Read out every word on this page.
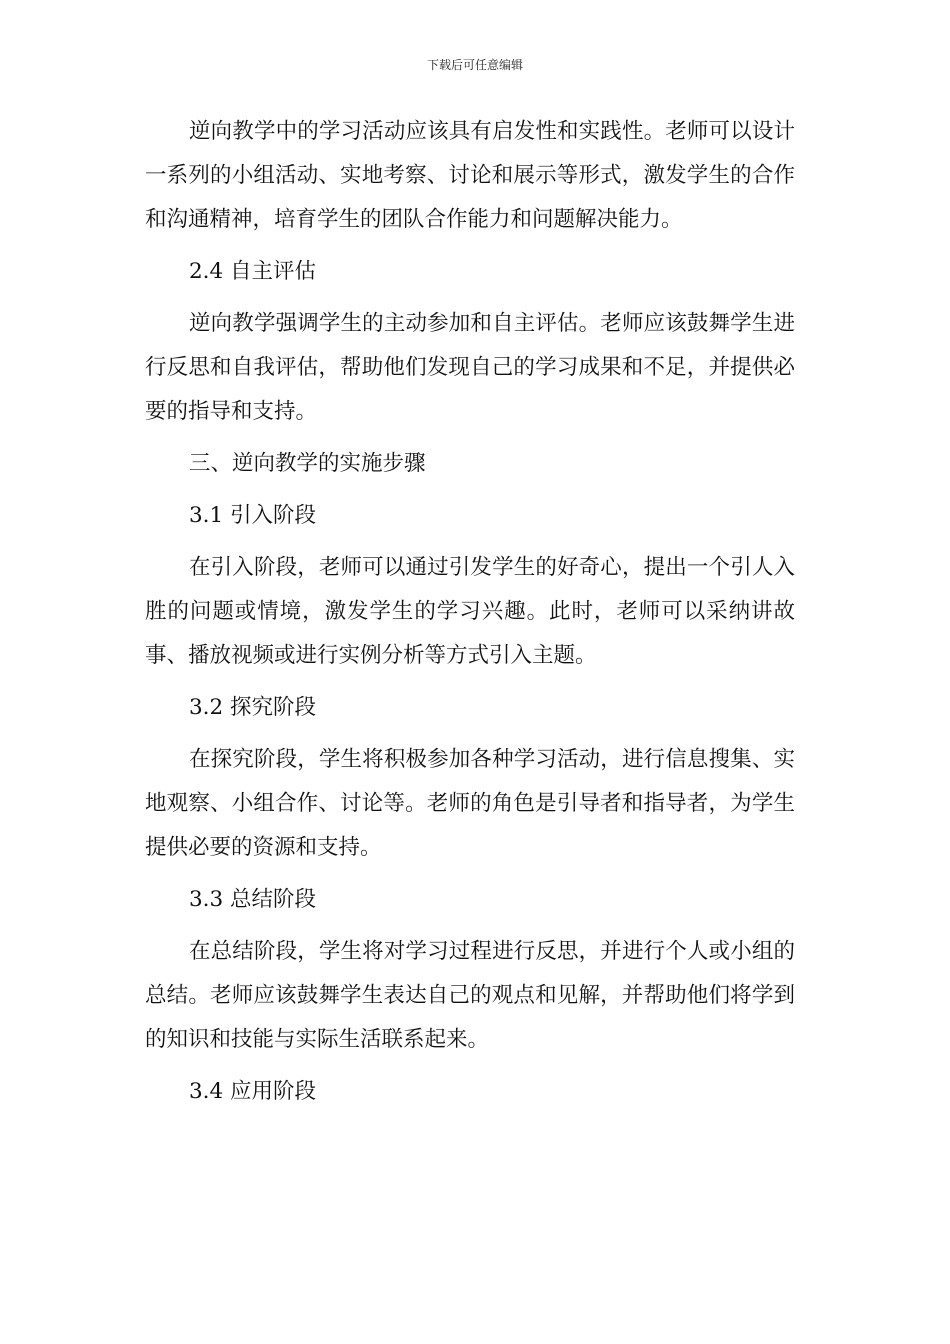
下载后可任意编辑

逆向教学中的学习活动应该具有启发性和实践性。老师可以设计一系列的小组活动、实地考察、讨论和展示等形式，激发学生的合作和沟通精神，培育学生的团队合作能力和问题解决能力。

2.4 自主评估

逆向教学强调学生的主动参加和自主评估。老师应该鼓舞学生进行反思和自我评估，帮助他们发现自己的学习成果和不足，并提供必要的指导和支持。

三、逆向教学的实施步骤

3.1 引入阶段

在引入阶段，老师可以通过引发学生的好奇心，提出一个引人入胜的问题或情境，激发学生的学习兴趣。此时，老师可以采纳讲故事、播放视频或进行实例分析等方式引入主题。

3.2 探究阶段

在探究阶段，学生将积极参加各种学习活动，进行信息搜集、实地观察、小组合作、讨论等。老师的角色是引导者和指导者，为学生提供必要的资源和支持。

3.3 总结阶段

在总结阶段，学生将对学习过程进行反思，并进行个人或小组的总结。老师应该鼓舞学生表达自己的观点和见解，并帮助他们将学到的知识和技能与实际生活联系起来。

3.4 应用阶段
